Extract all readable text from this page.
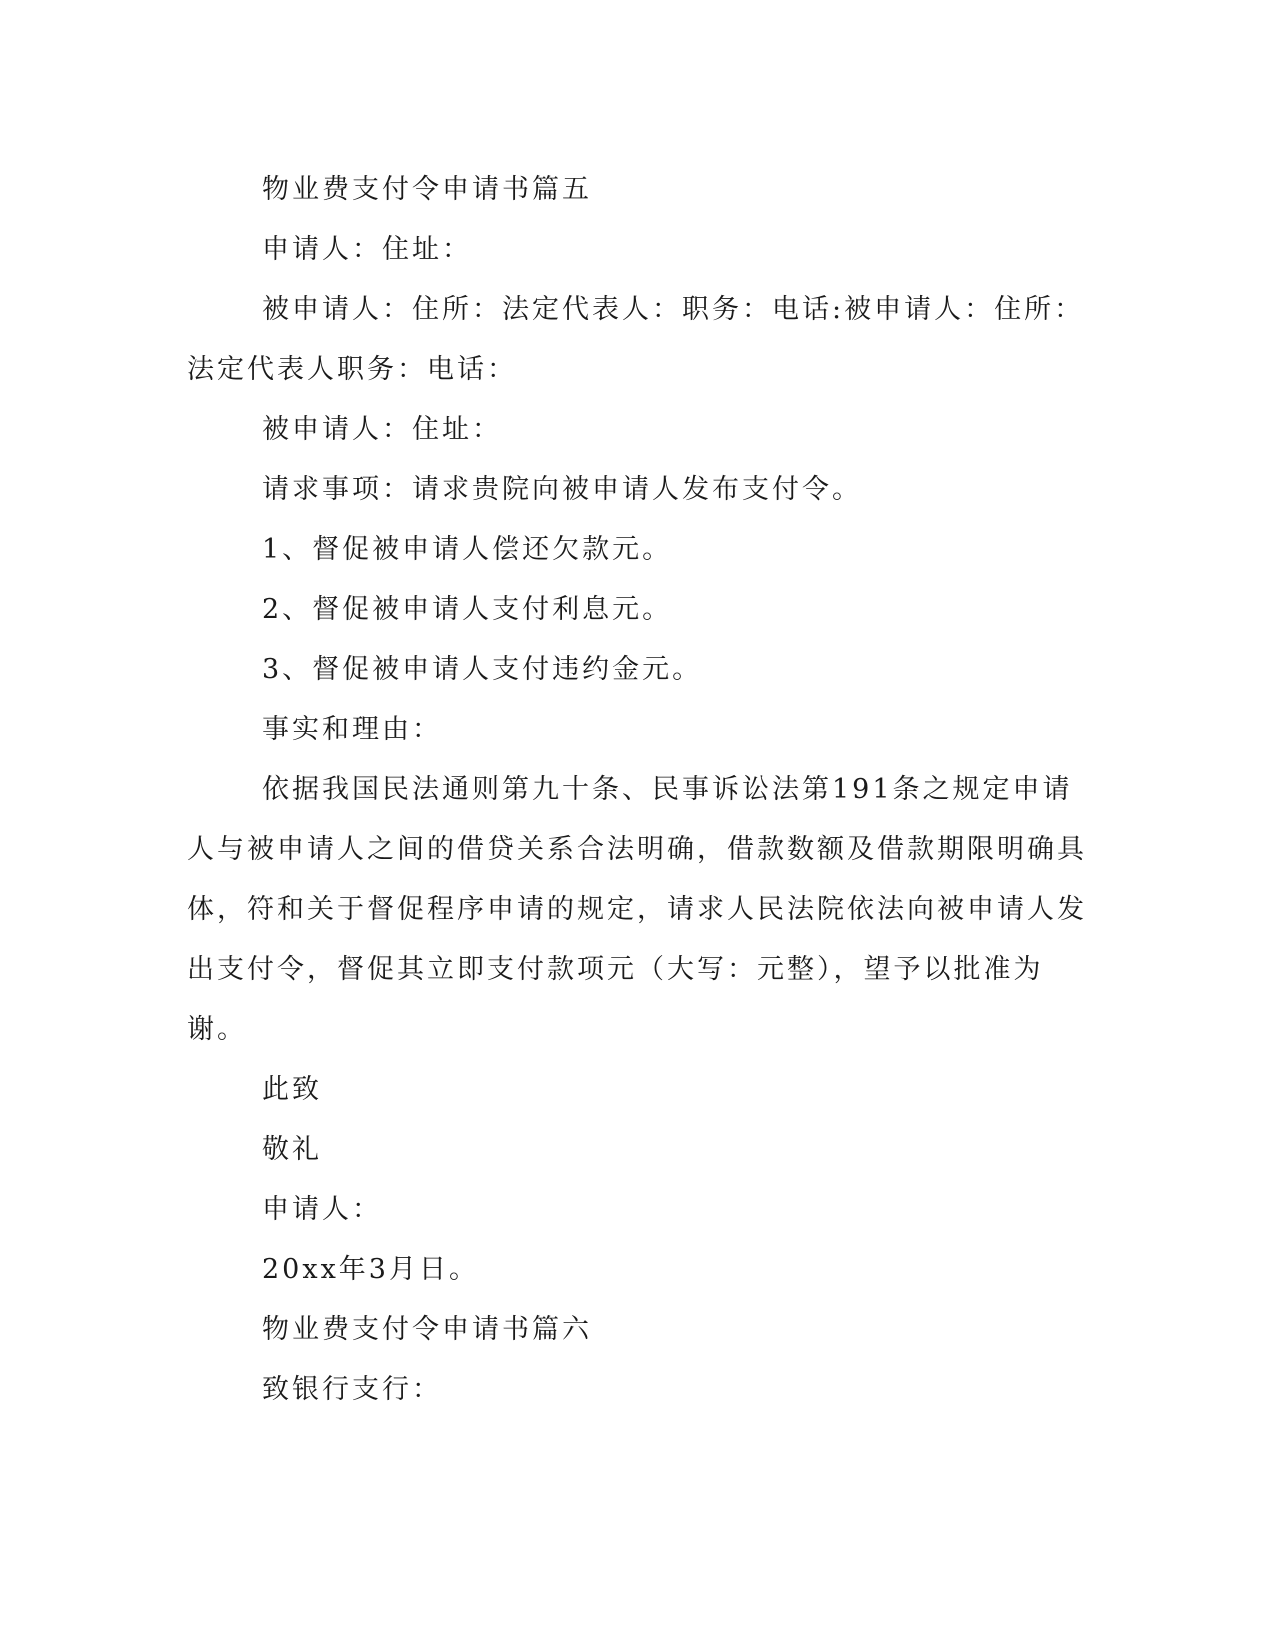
物业费支付令申请书篇五

申请人：住址：

被申请人：住所：法定代表人：职务：电话:被申请人：住所：法定代表人职务：电话：

被申请人：住址：

请求事项：请求贵院向被申请人发布支付令。

1、督促被申请人偿还欠款元。

2、督促被申请人支付利息元。

3、督促被申请人支付违约金元。

事实和理由：

依据我国民法通则第九十条、民事诉讼法第191条之规定申请人与被申请人之间的借贷关系合法明确，借款数额及借款期限明确具体，符和关于督促程序申请的规定，请求人民法院依法向被申请人发出支付令，督促其立即支付款项元（大写：元整），望予以批准为谢。

此致

敬礼

申请人：

20xx年3月日。

物业费支付令申请书篇六

致银行支行：
